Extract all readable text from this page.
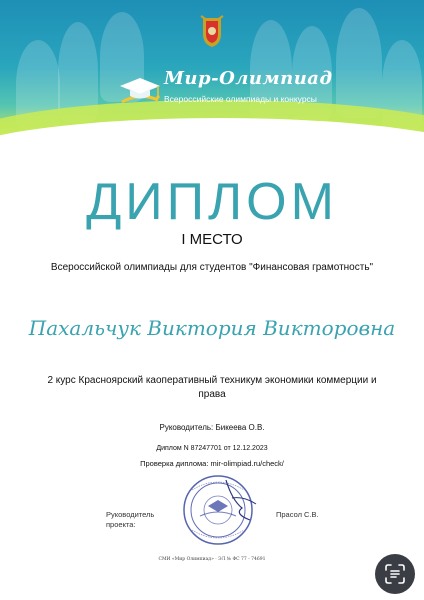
Мир-Олимпиад
Всероссийские олимпиады и конкурсы
ДИПЛОМ
I МЕСТО
Всероссийской олимпиады для студентов "Финансовая грамотность"
Пахальчук Виктория Викторовна
2 курс Красноярский каоперативный техникум экономики коммерции и права
Руководитель: Бикеева О.В.
Диплом N 87247701 от 12.12.2023
Проверка диплома: mir-olimpiad.ru/check/
Руководитель проекта:
Прасол С.В.
СМИ «Мир Олимпиад» · ЭЛ № ФС 77 - 74691
